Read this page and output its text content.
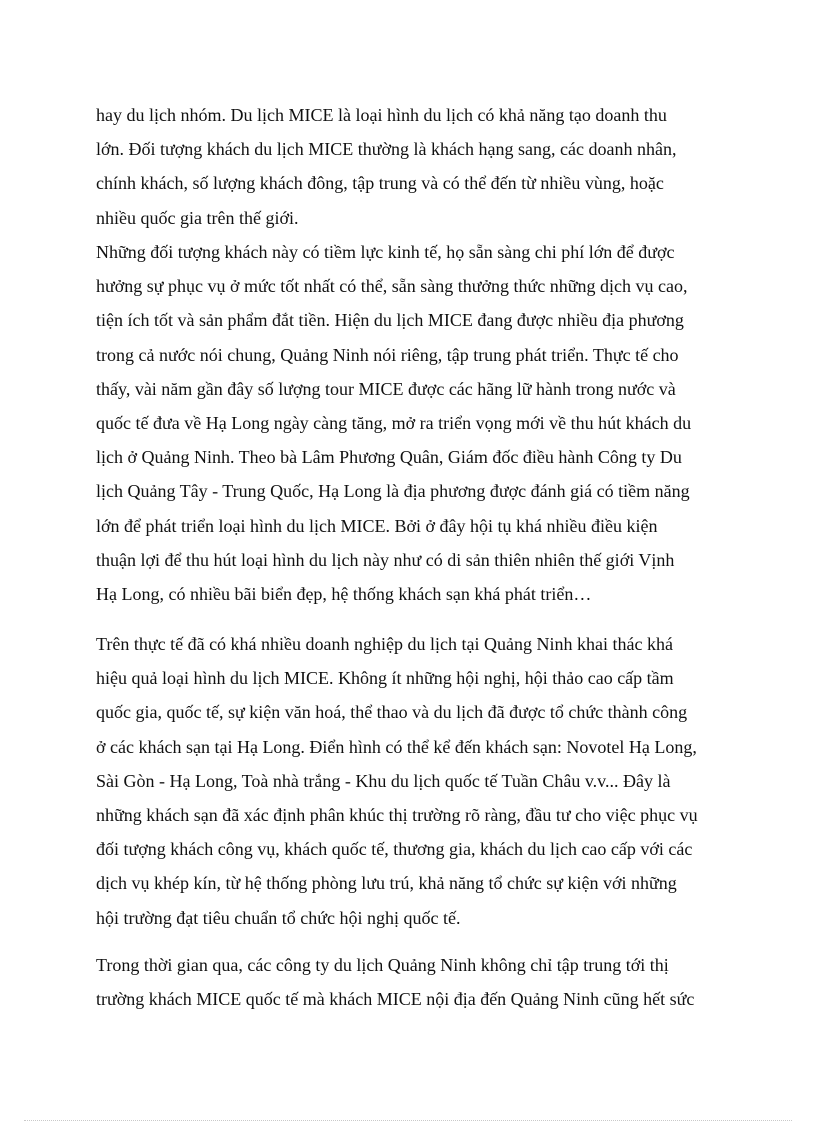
hay du lịch nhóm. Du lịch MICE là loại hình du lịch có khả năng tạo doanh thu
lớn. Đối tượng khách du lịch MICE thường là khách hạng sang, các doanh nhân,
chính khách, số lượng khách đông, tập trung và có thể đến từ nhiều vùng, hoặc
nhiều quốc gia trên thế giới.
Những đối tượng khách này có tiềm lực kinh tế, họ sẵn sàng chi phí lớn để được
hưởng sự phục vụ ở mức tốt nhất có thể, sẵn sàng thưởng thức những dịch vụ cao,
tiện ích tốt và sản phẩm đắt tiền. Hiện du lịch MICE đang được nhiều địa phương
trong cả nước nói chung, Quảng Ninh nói riêng, tập trung phát triển. Thực tế cho
thấy, vài năm gần đây số lượng tour MICE được các hãng lữ hành trong nước và
quốc tế đưa về Hạ Long ngày càng tăng, mở ra triển vọng mới về thu hút khách du
lịch ở Quảng Ninh. Theo bà Lâm Phương Quân, Giám đốc điều hành Công ty Du
lịch Quảng Tây - Trung Quốc, Hạ Long là địa phương được đánh giá có tiềm năng
lớn để phát triển loại hình du lịch MICE. Bởi ở đây hội tụ khá nhiều điều kiện
thuận lợi để thu hút loại hình du lịch này như có di sản thiên nhiên thế giới Vịnh
Hạ Long, có nhiều bãi biển đẹp, hệ thống khách sạn khá phát triển…
Trên thực tế đã có khá nhiều doanh nghiệp du lịch tại Quảng Ninh khai thác khá
hiệu quả loại hình du lịch MICE. Không ít những hội nghị, hội thảo cao cấp tầm
quốc gia, quốc tế, sự kiện văn hoá, thể thao và du lịch đã được tổ chức thành công
ở các khách sạn tại Hạ Long. Điển hình có thể kể đến khách sạn: Novotel Hạ Long,
Sài Gòn - Hạ Long, Toà nhà trắng - Khu du lịch quốc tế Tuần Châu v.v... Đây là
những khách sạn đã xác định phân khúc thị trường rõ ràng, đầu tư cho việc phục vụ
đối tượng khách công vụ, khách quốc tế, thương gia, khách du lịch cao cấp với các
dịch vụ khép kín, từ hệ thống phòng lưu trú, khả năng tổ chức sự kiện với những
hội trường đạt tiêu chuẩn tổ chức hội nghị quốc tế.
Trong thời gian qua, các công ty du lịch Quảng Ninh không chỉ tập trung tới thị
trường khách MICE quốc tế mà khách MICE nội địa đến Quảng Ninh cũng hết sức
